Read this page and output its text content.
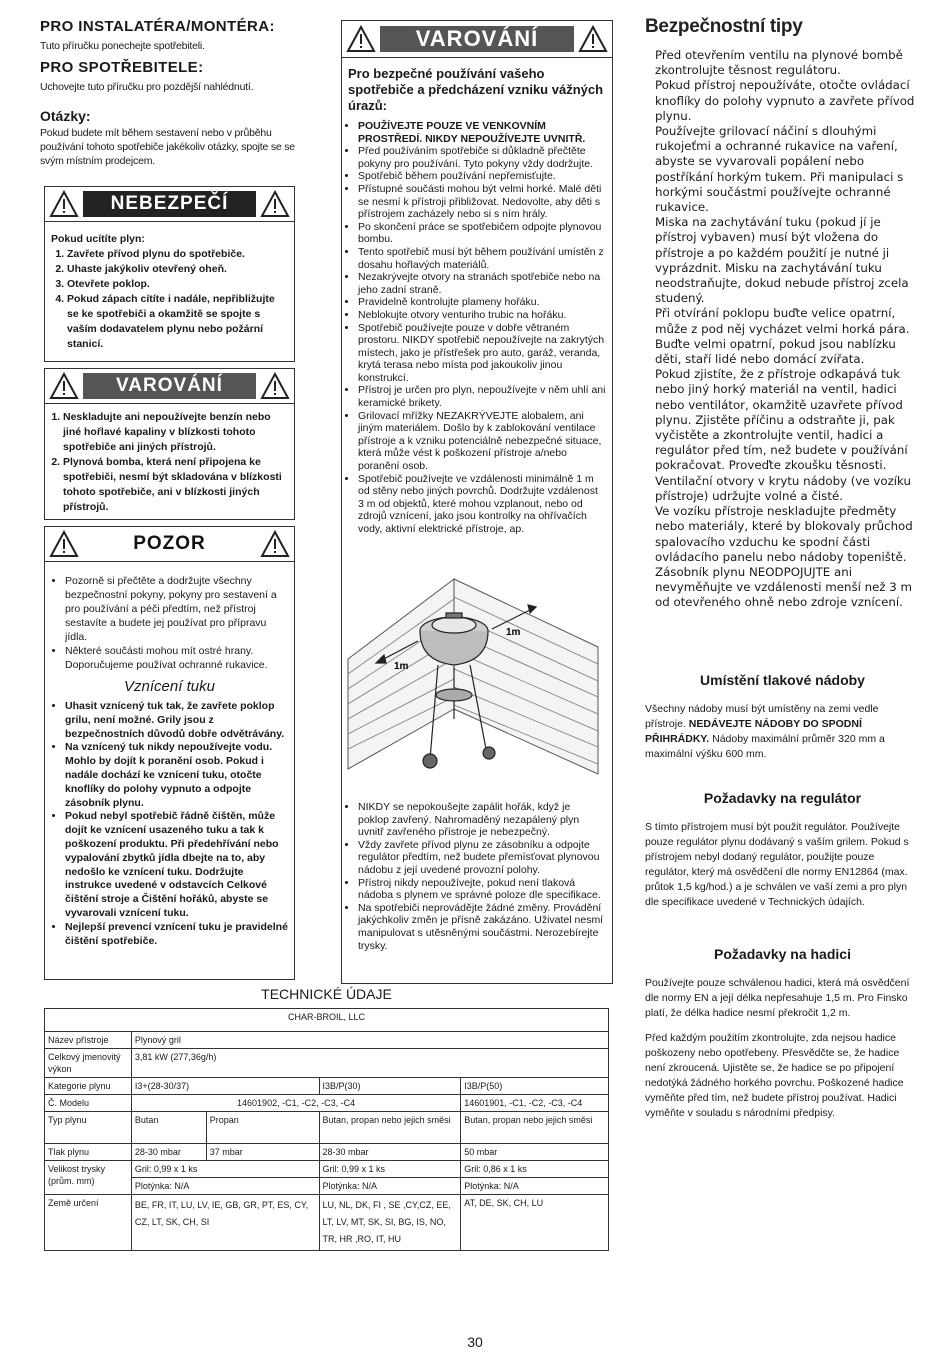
PRO INSTALATÉRA/MONTÉRA:
Tuto příručku ponechejte spotřebiteli.
PRO SPOTŘEBITELE:
Uchovejte tuto příručku pro pozdější nahlédnutí.
Otázky:
Pokud budete mít během sestavení nebo v průběhu používání tohoto spotřebiče jakékoliv otázky, spojte se se svým místním prodejcem.
NEBEZPEČÍ
Pokud ucítíte plyn:
1. Zavřete přívod plynu do spotřebiče.
2. Uhaste jakýkoliv otevřený oheň.
3. Otevřete poklop.
4. Pokud zápach cítíte i nadále, nepřibližujte se ke spotřebiči a okamžitě se spojte s vaším dodavatelem plynu nebo požární stanicí.
VAROVÁNÍ
1. Neskladujte ani nepoužívejte benzín nebo jiné hořlavé kapaliny v blízkosti tohoto spotřebiče ani jiných přístrojů.
2. Plynová bomba, která není připojena ke spotřebiči, nesmí být skladována v blízkosti tohoto spotřebiče, ani v blízkosti jiných přístrojů.
POZOR
• Pozorně si přečtěte a dodržujte všechny bezpečnostní pokyny, pokyny pro sestavení a pro používání a péči předtím, než přístroj sestavíte a budete jej používat pro přípravu jídla.
• Některé součásti mohou mít ostré hrany. Doporučujeme používat ochranné rukavice.
Vznícení tuku
• Uhasit vznícený tuk tak, že zavřete poklop grilu, není možné. Grily jsou z bezpečnostních důvodů dobře odvětrávány.
• Na vznícený tuk nikdy nepoužívejte vodu. Mohlo by dojít k poranění osob. Pokud i nadále dochází ke vznícení tuku, otočte knoflíky do polohy vypnuto a odpojte zásobník plynu.
• Pokud nebyl spotřebič řádně čištěn, může dojít ke vznícení usazeného tuku a tak k poškození produktu. Při předehřívání nebo vypalování zbytků jídla dbejte na to, aby nedošlo ke vznícení tuku. Dodržujte instrukce uvedené v odstavcích Celkové čištění stroje a Čištění hořáků, abyste se vyvarovali vznícení tuku.
• Nejlepší prevencí vznícení tuku je pravidelné čištění spotřebiče.
VAROVÁNÍ
Pro bezpečné používání vašeho spotřebiče a předcházení vzniku vážných úrazů:
• POUŽÍVEJTE POUZE VE VENKOVNÍM PROSTŘEDÍ. NIKDY NEPOUŽÍVEJTE UVNITŘ.
• Před používáním spotřebiče si důkladně přečtěte pokyny pro používání. Tyto pokyny vždy dodržujte.
• Spotřebič během používání nepřemisťujte.
• Přístupné součásti mohou být velmi horké. Malé děti se nesmí k přístroji přibližovat. Nedovolte, aby děti s přístrojem zacházely nebo si s ním hrály.
• Po skončení práce se spotřebičem odpojte plynovou bombu.
• Tento spotřebič musí být během používání umístěn z dosahu hořlavých materiálů.
• Nezakrývejte otvory na stranách spotřebiče nebo na jeho zadní straně.
• Pravidelně kontrolujte plameny hořáku.
• Neblokujte otvory venturiho trubic na hořáku.
• Spotřebič používejte pouze v dobře větraném prostoru. NIKDY spotřebič nepoužívejte na zakrytých místech, jako je přístřešek pro auto, garáž, veranda, krytá terasa nebo místa pod jakoukoliv jinou konstrukcí.
• Přístroj je určen pro plyn, nepoužívejte v něm uhlí ani keramické brikety.
• Grilovací mřížky NEZAKRÝVEJTE alobalem, ani jiným materiálem. Došlo by k zablokování ventilace přístroje a k vzniku potenciálně nebezpečné situace, která může vést k poškození přístroje a/nebo poranění osob.
• Spotřebič používejte ve vzdálenosti minimálně 1 m od stěny nebo jiných povrchů. Dodržujte vzdálenost 3 m od objektů, které mohou vzplanout, nebo od zdrojů vznícení, jako jsou kontrolky na ohřívačích vody, aktivní elektrické přístroje, ap.
1m
1m
• NIKDY se nepokoušejte zapálit hořák, když je poklop zavřený. Nahromaděný nezapálený plyn uvnitř zavřeného přístroje je nebezpečný.
• Vždy zavřete přívod plynu ze zásobníku a odpojte regulátor předtím, než budete přemísťovat plynovou nádobu z její uvedené provozní polohy.
• Přístroj nikdy nepoužívejte, pokud není tlaková nádoba s plynem ve správné poloze dle specifikace.
• Na spotřebiči neprovádějte žádné změny. Provádění jakýchkoliv změn je přísně zakázáno. Uživatel nesmí manipulovat s utěsněnými součástmi. Nerozebírejte trysky.
Bezpečnostní tipy
Před otevřením ventilu na plynové bombě zkontrolujte těsnost regulátoru.
Pokud přístroj nepoužíváte, otočte ovládací knoflíky do polohy vypnuto a zavřete přívod plynu.
Používejte grilovací náčiní s dlouhými rukojeťmi a ochranné rukavice na vaření, abyste se vyvarovali popálení nebo postříkání horkým tukem. Při manipulaci s horkými součástmi používejte ochranné rukavice.
Miska na zachytávání tuku (pokud jí je přístroj vybaven) musí být vložena do přístroje a po každém použití je nutné ji vyprázdnit. Misku na zachytávání tuku neodstraňujte, dokud nebude přístroj zcela studený.
Při otvírání poklopu buďte velice opatrní, může z pod něj vycházet velmi horká pára.
Buďte velmi opatrní, pokud jsou nablízku děti, staří lidé nebo domácí zvířata.
Pokud zjistíte, že z přístroje odkapává tuk nebo jiný horký materiál na ventil, hadici nebo ventilátor, okamžitě uzavřete přívod plynu. Zjistěte příčinu a odstraňte ji, pak vyčistěte a zkontrolujte ventil, hadici a regulátor před tím, než budete v používání pokračovat. Proveďte zkoušku těsnosti.
Ventilační otvory v krytu nádoby (ve vozíku přístroje) udržujte volné a čisté.
Ve vozíku přístroje neskladujte předměty nebo materiály, které by blokovaly průchod spalovacího vzduchu ke spodní části ovládacího panelu nebo nádoby topeniště.
Zásobník plynu NEODPOJUJTE ani nevyměňujte ve vzdálenosti menší než 3 m od otevřeného ohně nebo zdroje vznícení.
Umístění tlakové nádoby
Všechny nádoby musí být umístěny na zemi vedle přístroje. NEDÁVEJTE NÁDOBY DO SPODNÍ PŘIHRÁDKY. Nádoby maximální průměr 320 mm a maximální výšku 600 mm.
Požadavky na regulátor
S tímto přístrojem musí být použit regulátor. Používejte pouze regulátor plynu dodávaný s vaším grilem. Pokud s přístrojem nebyl dodaný regulátor, použijte pouze regulátor, který má osvědčení dle normy EN12864 (max. průtok 1,5 kg/hod.) a je schválen ve vaší zemi a pro plyn dle specifikace uvedené v Technických údajích.
Požadavky na hadici
Používejte pouze schválenou hadici, která má osvědčení dle normy EN a její délka nepřesahuje 1,5 m. Pro Finsko platí, že délka hadice nesmí překročit 1,2 m.
Před každým použitím zkontrolujte, zda nejsou hadice poškozeny nebo opotřebeny. Přesvědčte se, že hadice není zkroucená. Ujistěte se, že hadice se po připojení nedotýká žádného horkého povrchu. Poškozené hadice vyměňte před tím, než budete přístroj používat. Hadici vyměňte v souladu s národními předpisy.
TECHNICKÉ ÚDAJE
CHAR-BROIL, LLC				
Název přístroje	Plynový gril			
Celkový jmenovitý výkon	3,81 kW (277,36g/h)			
Kategorie plynu	I3+(28-30/37)		I3B/P(30)	I3B/P(50)
Č. Modelu	14601902, -C1, -C2, -C3, -C4			14601901, -C1, -C2, -C3, -C4
Typ plynu	Butan	Propan	Butan, propan nebo jejich směsi	Butan, propan nebo jejich směsi
Tlak plynu	28-30 mbar	37 mbar	28-30 mbar	50 mbar
Velikost trysky (prům. mm)	Gril: 0,99 x 1 ks		Gril: 0,99 x 1 ks	Gril: 0,86 x 1 ks
	Plotýnka: N/A		Plotýnka: N/A	Plotýnka: N/A
Země určení	BE, FR, IT, LU, LV, IE, GB, GR, PT, ES, CY, CZ, LT, SK, CH, SI		LU, NL, DK, FI , SE ,CY,CZ, EE, LT, LV, MT, SK, SI, BG, IS, NO, TR, HR ,RO, IT, HU	AT, DE, SK, CH, LU
30
